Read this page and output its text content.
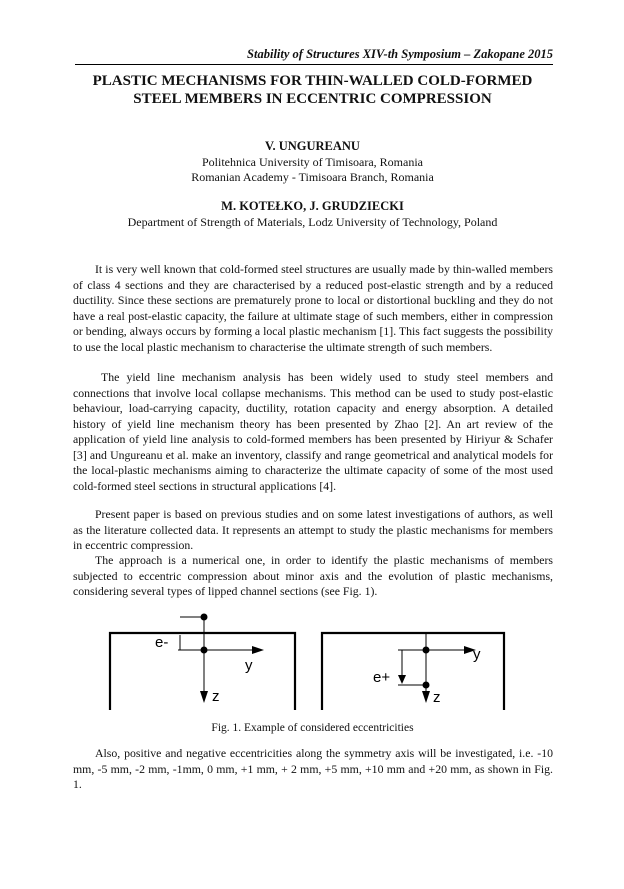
Stability of Structures XIV-th Symposium – Zakopane 2015
PLASTIC MECHANISMS FOR THIN-WALLED COLD-FORMED
STEEL MEMBERS IN ECCENTRIC COMPRESSION
V. UNGUREANU
Politehnica University of Timisoara, Romania
Romanian Academy - Timisoara Branch, Romania
M. KOTEŁKO, J. GRUDZIECKI
Department of Strength of Materials, Lodz University of Technology, Poland

It is very well known that cold-formed steel structures are usually made by thin-walled members of class 4 sections and they are characterised by a reduced post-elastic strength and by a reduced ductility. Since these sections are prematurely prone to local or distortional buckling and they do not have a real post-elastic capacity, the failure at ultimate stage of such members, either in compression or bending, always occurs by forming a local plastic mechanism [1]. This fact suggests the possibility to use the local plastic mechanism to characterise the ultimate strength of such members.

The yield line mechanism analysis has been widely used to study steel members and connections that involve local collapse mechanisms. This method can be used to study post-elastic behaviour, load-carrying capacity, ductility, rotation capacity and energy absorption. A detailed history of yield line mechanism theory has been presented by Zhao [2]. An art review of the application of yield line analysis to cold-formed members has been presented by Hiriyur & Schafer [3] and Ungureanu et al. make an inventory, classify and range geometrical and analytical models for the local-plastic mechanisms aiming to characterize the ultimate capacity of some of the most used cold-formed steel sections in structural applications [4].

Present paper is based on previous studies and on some latest investigations of authors, as well as the literature collected data. It represents an attempt to study the plastic mechanisms for members in eccentric compression.

The approach is a numerical one, in order to identify the plastic mechanisms of members subjected to eccentric compression about minor axis and the evolution of plastic mechanisms, considering several types of lipped channel sections (see Fig. 1).

e-
y
z
e+
y
z
Fig. 1. Example of considered eccentricities

Also, positive and negative eccentricities along the symmetry axis will be investigated, i.e. -10 mm, -5 mm, -2 mm, -1mm, 0 mm, +1 mm, + 2 mm, +5 mm, +10 mm and +20 mm, as shown in Fig. 1.
